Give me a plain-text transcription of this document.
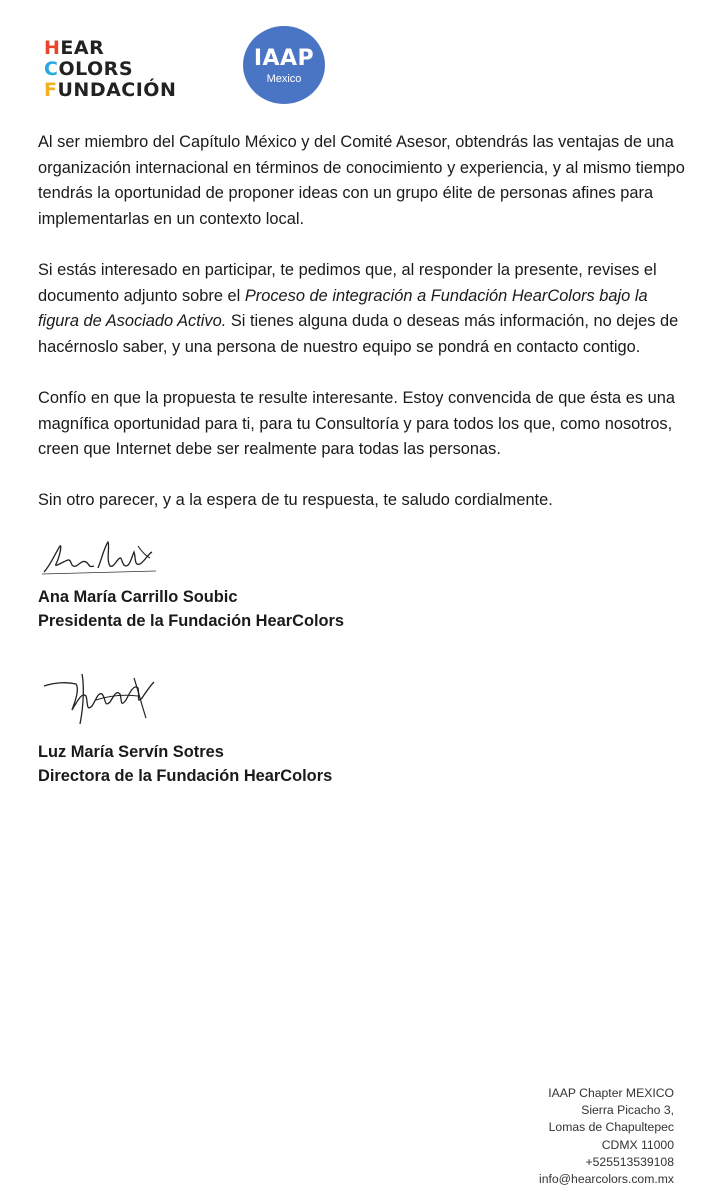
HEAR
COLORS
FUNDACIÓN
IAAP
Mexico

Al ser miembro del Capítulo México y del Comité Asesor, obtendrás las ventajas de una organización internacional en términos de conocimiento y experiencia, y al mismo tiempo tendrás la oportunidad de proponer ideas con un grupo élite de personas afines para implementarlas en un contexto local.

Si estás interesado en participar, te pedimos que, al responder la presente, revises el documento adjunto sobre el Proceso de integración a Fundación HearColors bajo la figura de Asociado Activo. Si tienes alguna duda o deseas más información, no dejes de hacérnoslo saber, y una persona de nuestro equipo se pondrá en contacto contigo.

Confío en que la propuesta te resulte interesante. Estoy convencida de que ésta es una magnífica oportunidad para ti, para tu Consultoría y para todos los que, como nosotros, creen que Internet debe ser realmente para todas las personas.

Sin otro parecer, y a la espera de tu respuesta, te saludo cordialmente.

Ana María Carrillo Soubic
Presidenta de la Fundación HearColors
Luz María Servín Sotres
Directora de la Fundación HearColors
IAAP Chapter MEXICO
Sierra Picacho 3,
Lomas de Chapultepec
CDMX 11000
+525513539108
info@hearcolors.com.mx
